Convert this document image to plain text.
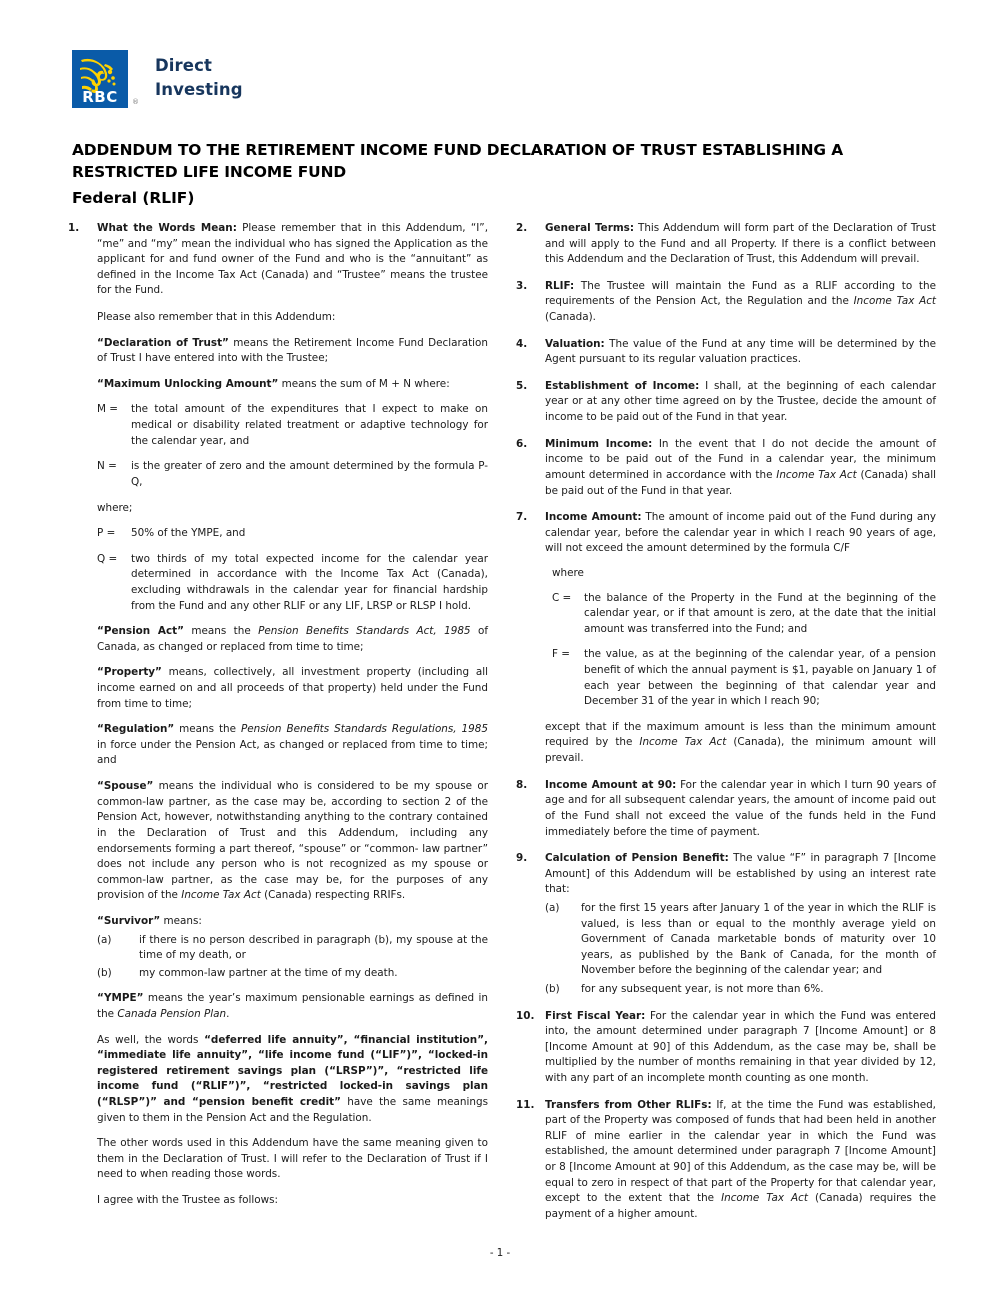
RBC	®
Direct
Investing
ADDENDUM TO THE RETIREMENT INCOME FUND DECLARATION OF TRUST ESTABLISHING A RESTRICTED LIFE INCOME FUND
Federal (RLIF)
1.	What the Words Mean: Please remember that in this Addendum, “I”, “me” and “my” mean the individual who has signed the Application as the applicant for and fund owner of the Fund and who is the “annuitant” as defined in the Income Tax Act (Canada) and “Trustee” means the trustee for the Fund.
Please also remember that in this Addendum:
“Declaration of Trust” means the Retirement Income Fund Declaration of Trust I have entered into with the Trustee;
“Maximum Unlocking Amount” means the sum of M + N where:
M =	the total amount of the expenditures that I expect to make on medical or disability related treatment or adaptive technology for the calendar year, and
N =	is the greater of zero and the amount determined by the formula P-Q,
where;
P =	50% of the YMPE, and
Q =	two thirds of my total expected income for the calendar year determined in accordance with the Income Tax Act (Canada), excluding withdrawals in the calendar year for financial hardship from the Fund and any other RLIF or any LIF, LRSP or RLSP I hold.
“Pension Act” means the Pension Benefits Standards Act, 1985 of Canada, as changed or replaced from time to time;
“Property” means, collectively, all investment property (including all income earned on and all proceeds of that property) held under the Fund from time to time;
“Regulation” means the Pension Benefits Standards Regulations, 1985 in force under the Pension Act, as changed or replaced from time to time; and
“Spouse” means the individual who is considered to be my spouse or common-law partner, as the case may be, according to section 2 of the Pension Act, however, notwithstanding anything to the contrary contained in the Declaration of Trust and this Addendum, including any endorsements forming a part thereof, “spouse” or “common- law partner” does not include any person who is not recognized as my spouse or common-law partner, as the case may be, for the purposes of any provision of the Income Tax Act (Canada) respecting RRIFs.
“Survivor” means:
(a)	if there is no person described in paragraph (b), my spouse at the time of my death, or
(b)	my common-law partner at the time of my death.
“YMPE” means the year’s maximum pensionable earnings as defined in the Canada Pension Plan.
As well, the words “deferred life annuity”, “financial institution”, “immediate life annuity”, “life income fund (“LIF”)”, “locked-in registered retirement savings plan (“LRSP”)”, “restricted life income fund (“RLIF”)”, “restricted locked-in savings plan (“RLSP”)” and “pension benefit credit” have the same meanings given to them in the Pension Act and the Regulation.
The other words used in this Addendum have the same meaning given to them in the Declaration of Trust. I will refer to the Declaration of Trust if I need to when reading those words.
I agree with the Trustee as follows:
2.	General Terms: This Addendum will form part of the Declaration of Trust and will apply to the Fund and all Property. If there is a conflict between this Addendum and the Declaration of Trust, this Addendum will prevail.
3.	RLIF: The Trustee will maintain the Fund as a RLIF according to the requirements of the Pension Act, the Regulation and the Income Tax Act (Canada).
4.	Valuation: The value of the Fund at any time will be determined by the Agent pursuant to its regular valuation practices.
5.	Establishment of Income: I shall, at the beginning of each calendar year or at any other time agreed on by the Trustee, decide the amount of income to be paid out of the Fund in that year.
6.	Minimum Income: In the event that I do not decide the amount of income to be paid out of the Fund in a calendar year, the minimum amount determined in accordance with the Income Tax Act (Canada) shall be paid out of the Fund in that year.
7.	Income Amount: The amount of income paid out of the Fund during any calendar year, before the calendar year in which I reach 90 years of age, will not exceed the amount determined by the formula C/F
where
C =	the balance of the Property in the Fund at the beginning of the calendar year, or if that amount is zero, at the date that the initial amount was transferred into the Fund; and
F =	the value, as at the beginning of the calendar year, of a pension benefit of which the annual payment is $1, payable on January 1 of each year between the beginning of that calendar year and December 31 of the year in which I reach 90;
except that if the maximum amount is less than the minimum amount required by the Income Tax Act (Canada), the minimum amount will prevail.
8.	Income Amount at 90: For the calendar year in which I turn 90 years of age and for all subsequent calendar years, the amount of income paid out of the Fund shall not exceed the value of the funds held in the Fund immediately before the time of payment.
9.	Calculation of Pension Benefit: The value “F” in paragraph 7 [Income Amount] of this Addendum will be established by using an interest rate that:
(a)	for the first 15 years after January 1 of the year in which the RLIF is valued, is less than or equal to the monthly average yield on Government of Canada marketable bonds of maturity over 10 years, as published by the Bank of Canada, for the month of November before the beginning of the calendar year; and
(b)	for any subsequent year, is not more than 6%.
10.	First Fiscal Year: For the calendar year in which the Fund was entered into, the amount determined under paragraph 7 [Income Amount] or 8 [Income Amount at 90] of this Addendum, as the case may be, shall be multiplied by the number of months remaining in that year divided by 12, with any part of an incomplete month counting as one month.
11.	Transfers from Other RLIFs: If, at the time the Fund was established, part of the Property was composed of funds that had been held in another RLIF of mine earlier in the calendar year in which the Fund was established, the amount determined under paragraph 7 [Income Amount] or 8 [Income Amount at 90] of this Addendum, as the case may be, will be equal to zero in respect of that part of the Property for that calendar year, except to the extent that the Income Tax Act (Canada) requires the payment of a higher amount.
- 1 -
